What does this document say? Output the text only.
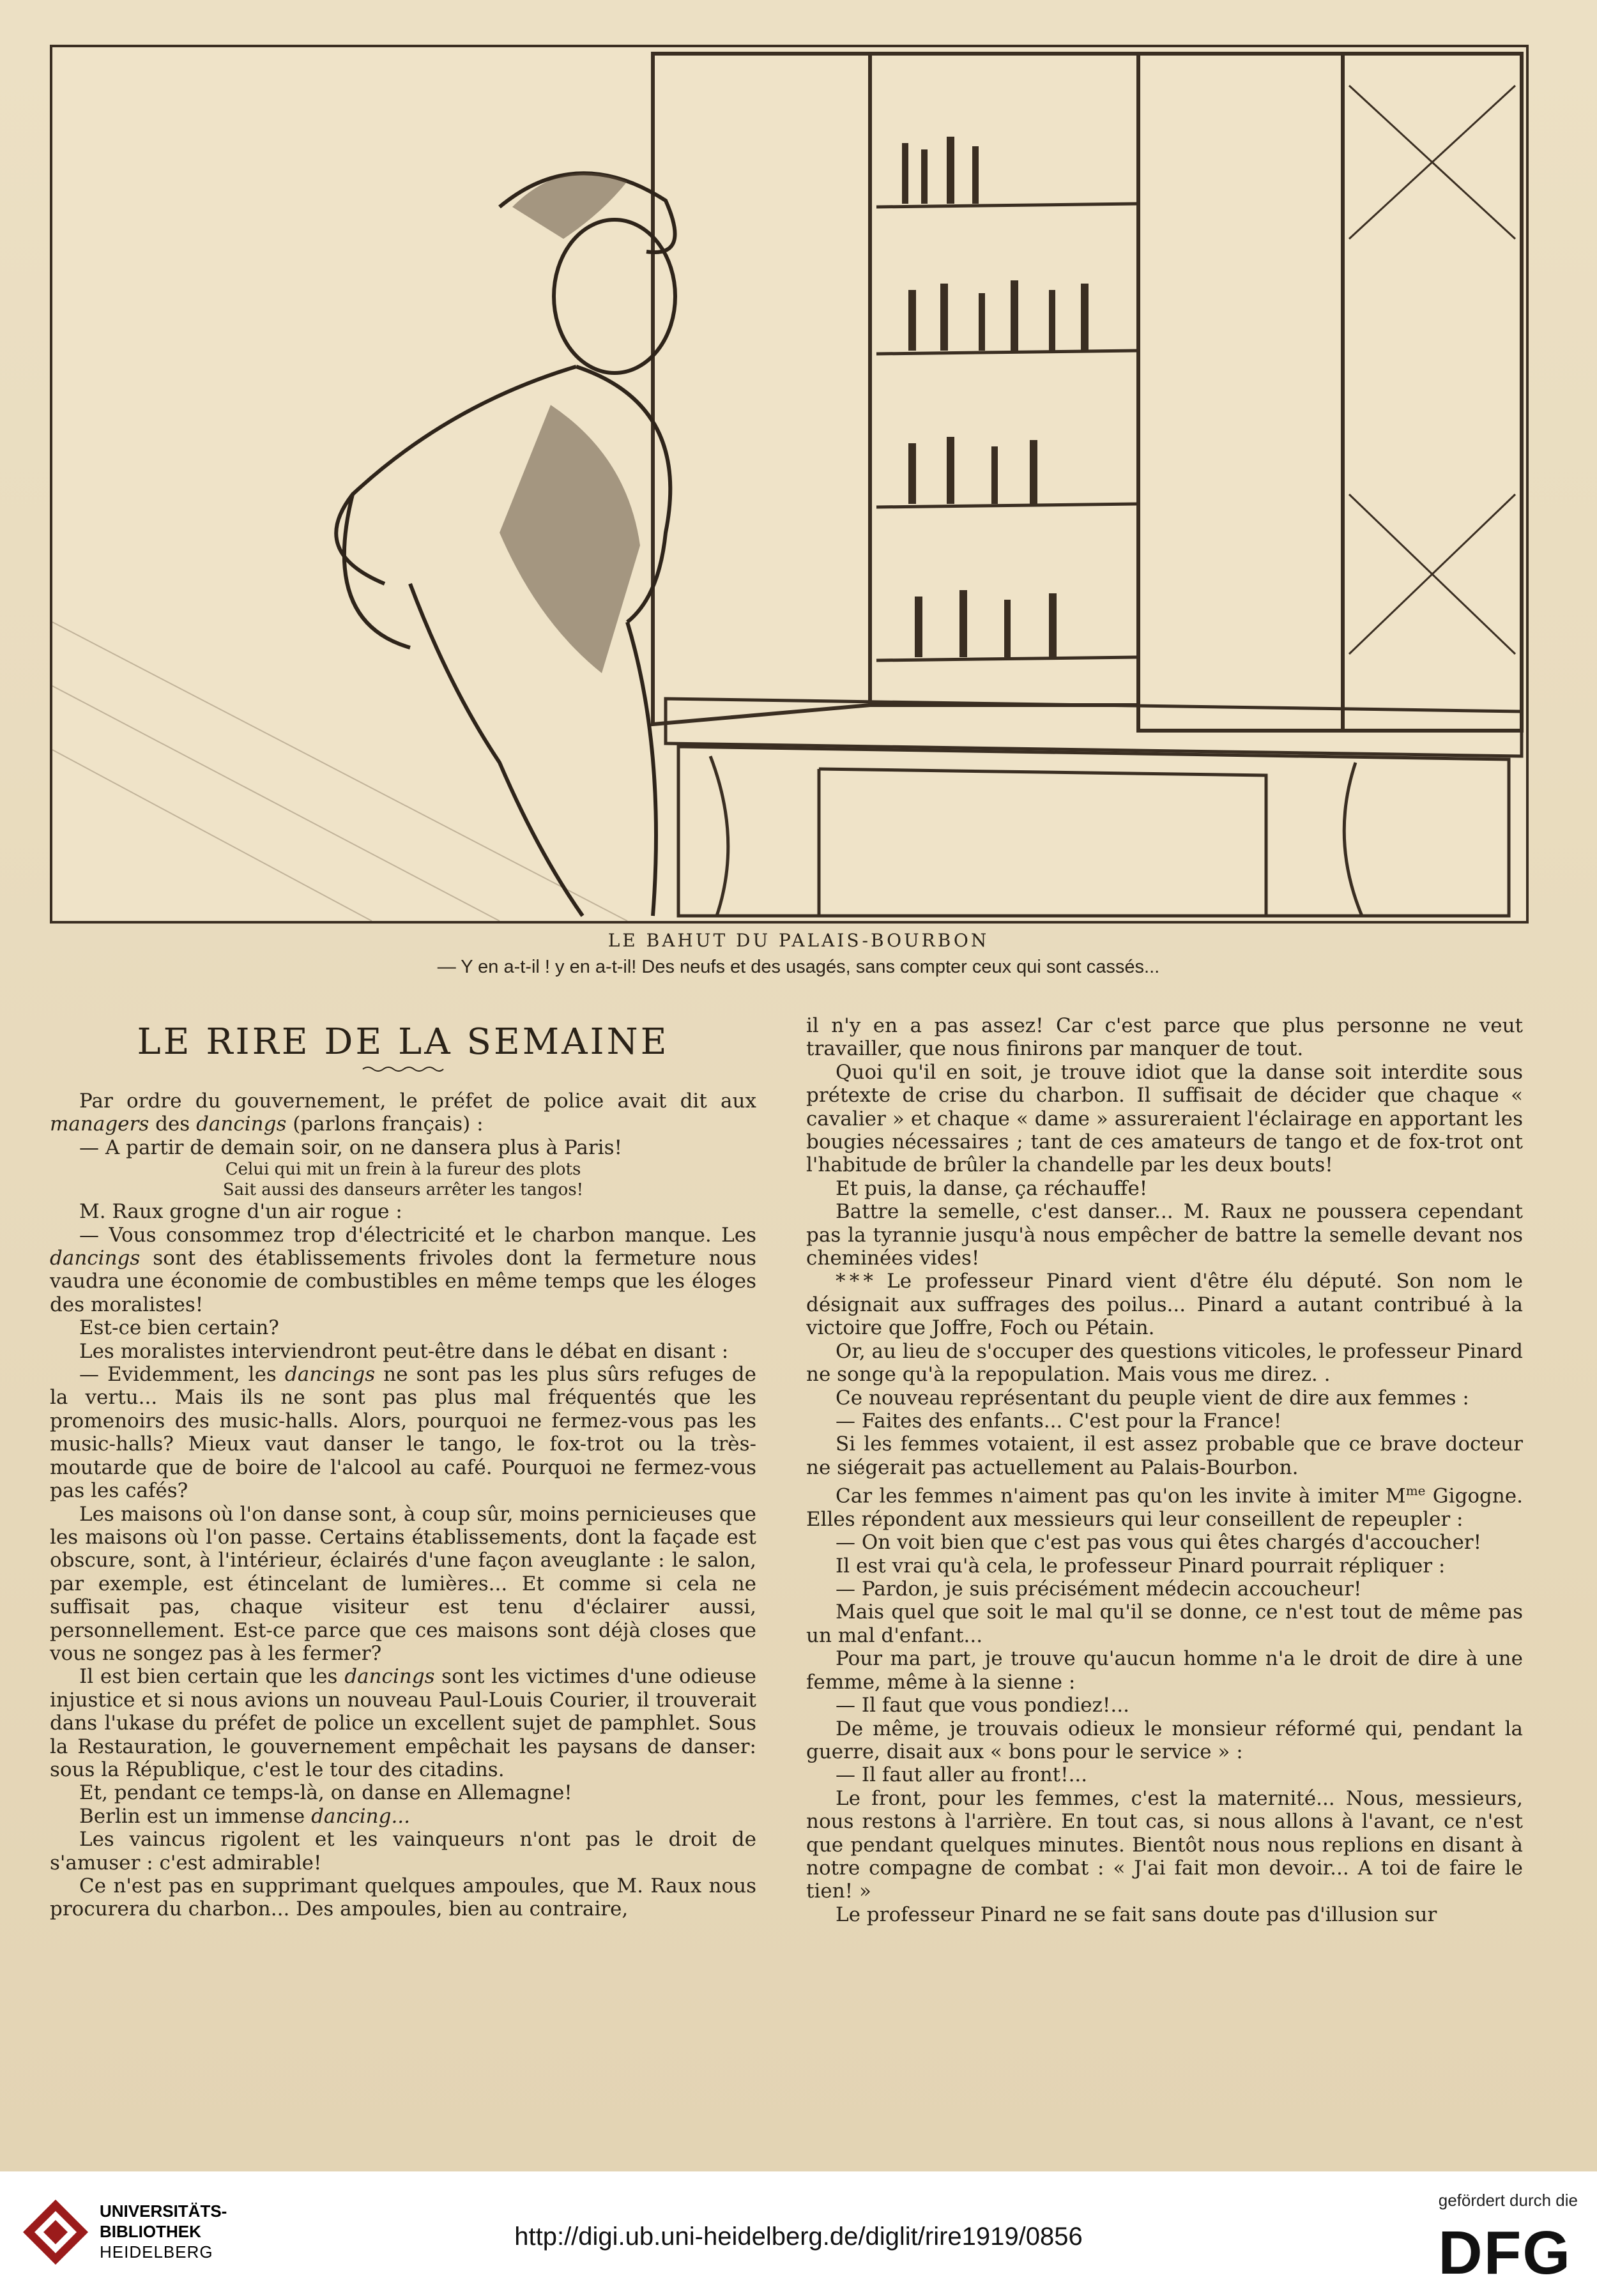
LE BAHUT DU PALAIS-BOURBON
— Y en a-t-il ! y en a-t-il! Des neufs et des usagés, sans compter ceux qui sont cassés...
LE RIRE DE LA SEMAINE

Par ordre du gouvernement, le préfet de police avait dit aux managers des dancings (parlons français) :

— A partir de demain soir, on ne dansera plus à Paris!

Celui qui mit un frein à la fureur des plots

Sait aussi des danseurs arrêter les tangos!

M. Raux grogne d'un air rogue :

— Vous consommez trop d'électricité et le charbon manque. Les dancings sont des établissements frivoles dont la fermeture nous vaudra une économie de combustibles en même temps que les éloges des moralistes!

Est-ce bien certain?

Les moralistes interviendront peut-être dans le débat en disant :

— Evidemment, les dancings ne sont pas les plus sûrs refuges de la vertu... Mais ils ne sont pas plus mal fréquentés que les promenoirs des music-halls. Alors, pourquoi ne fermez-vous pas les music-halls? Mieux vaut danser le tango, le fox-trot ou la très-moutarde que de boire de l'alcool au café. Pourquoi ne fermez-vous pas les cafés?

Les maisons où l'on danse sont, à coup sûr, moins pernicieuses que les maisons où l'on passe. Certains établissements, dont la façade est obscure, sont, à l'intérieur, éclairés d'une façon aveuglante : le salon, par exemple, est étincelant de lumières... Et comme si cela ne suffisait pas, chaque visiteur est tenu d'éclairer aussi, personnellement. Est-ce parce que ces maisons sont déjà closes que vous ne songez pas à les fermer?

Il est bien certain que les dancings sont les victimes d'une odieuse injustice et si nous avions un nouveau Paul-Louis Courier, il trouverait dans l'ukase du préfet de police un excellent sujet de pamphlet. Sous la Restauration, le gouvernement empêchait les paysans de danser: sous la République, c'est le tour des citadins.

Et, pendant ce temps-là, on danse en Allemagne!

Berlin est un immense dancing...

Les vaincus rigolent et les vainqueurs n'ont pas le droit de s'amuser : c'est admirable!

Ce n'est pas en supprimant quelques ampoules, que M. Raux nous procurera du charbon... Des ampoules, bien au contraire,

il n'y en a pas assez! Car c'est parce que plus personne ne veut travailler, que nous finirons par manquer de tout.

Quoi qu'il en soit, je trouve idiot que la danse soit interdite sous prétexte de crise du charbon. Il suffisait de décider que chaque « cavalier » et chaque « dame » assureraient l'éclairage en apportant les bougies nécessaires ; tant de ces amateurs de tango et de fox-trot ont l'habitude de brûler la chandelle par les deux bouts!

Et puis, la danse, ça réchauffe!

Battre la semelle, c'est danser... M. Raux ne poussera cependant pas la tyrannie jusqu'à nous empêcher de battre la semelle devant nos cheminées vides!

* * * Le professeur Pinard vient d'être élu député. Son nom le désignait aux suffrages des poilus... Pinard a autant contribué à la victoire que Joffre, Foch ou Pétain.

Or, au lieu de s'occuper des questions viticoles, le professeur Pinard ne songe qu'à la repopulation. Mais vous me direz. .

Ce nouveau représentant du peuple vient de dire aux femmes :

— Faites des enfants... C'est pour la France!

Si les femmes votaient, il est assez probable que ce brave docteur ne siégerait pas actuellement au Palais-Bourbon.

Car les femmes n'aiment pas qu'on les invite à imiter $M^{me}$ Gigogne. Elles répondent aux messieurs qui leur conseillent de repeupler :

— On voit bien que c'est pas vous qui êtes chargés d'accoucher!

Il est vrai qu'à cela, le professeur Pinard pourrait répliquer :

— Pardon, je suis précisément médecin accoucheur!

Mais quel que soit le mal qu'il se donne, ce n'est tout de même pas un mal d'enfant...

Pour ma part, je trouve qu'aucun homme n'a le droit de dire à une femme, même à la sienne :

— Il faut que vous pondiez!...

De même, je trouvais odieux le monsieur réformé qui, pendant la guerre, disait aux « bons pour le service » :

— Il faut aller au front!...

Le front, pour les femmes, c'est la maternité... Nous, messieurs, nous restons à l'arrière. En tout cas, si nous allons à l'avant, ce n'est que pendant quelques minutes. Bientôt nous nous replions en disant à notre compagne de combat : « J'ai fait mon devoir... A toi de faire le tien! »

Le professeur Pinard ne se fait sans doute pas d'illusion sur

UNIVERSITÄTS-
BIBLIOTHEK
HEIDELBERG
http://digi.ub.uni-heidelberg.de/diglit/rire1919/0856
gefördert durch die
DFG
